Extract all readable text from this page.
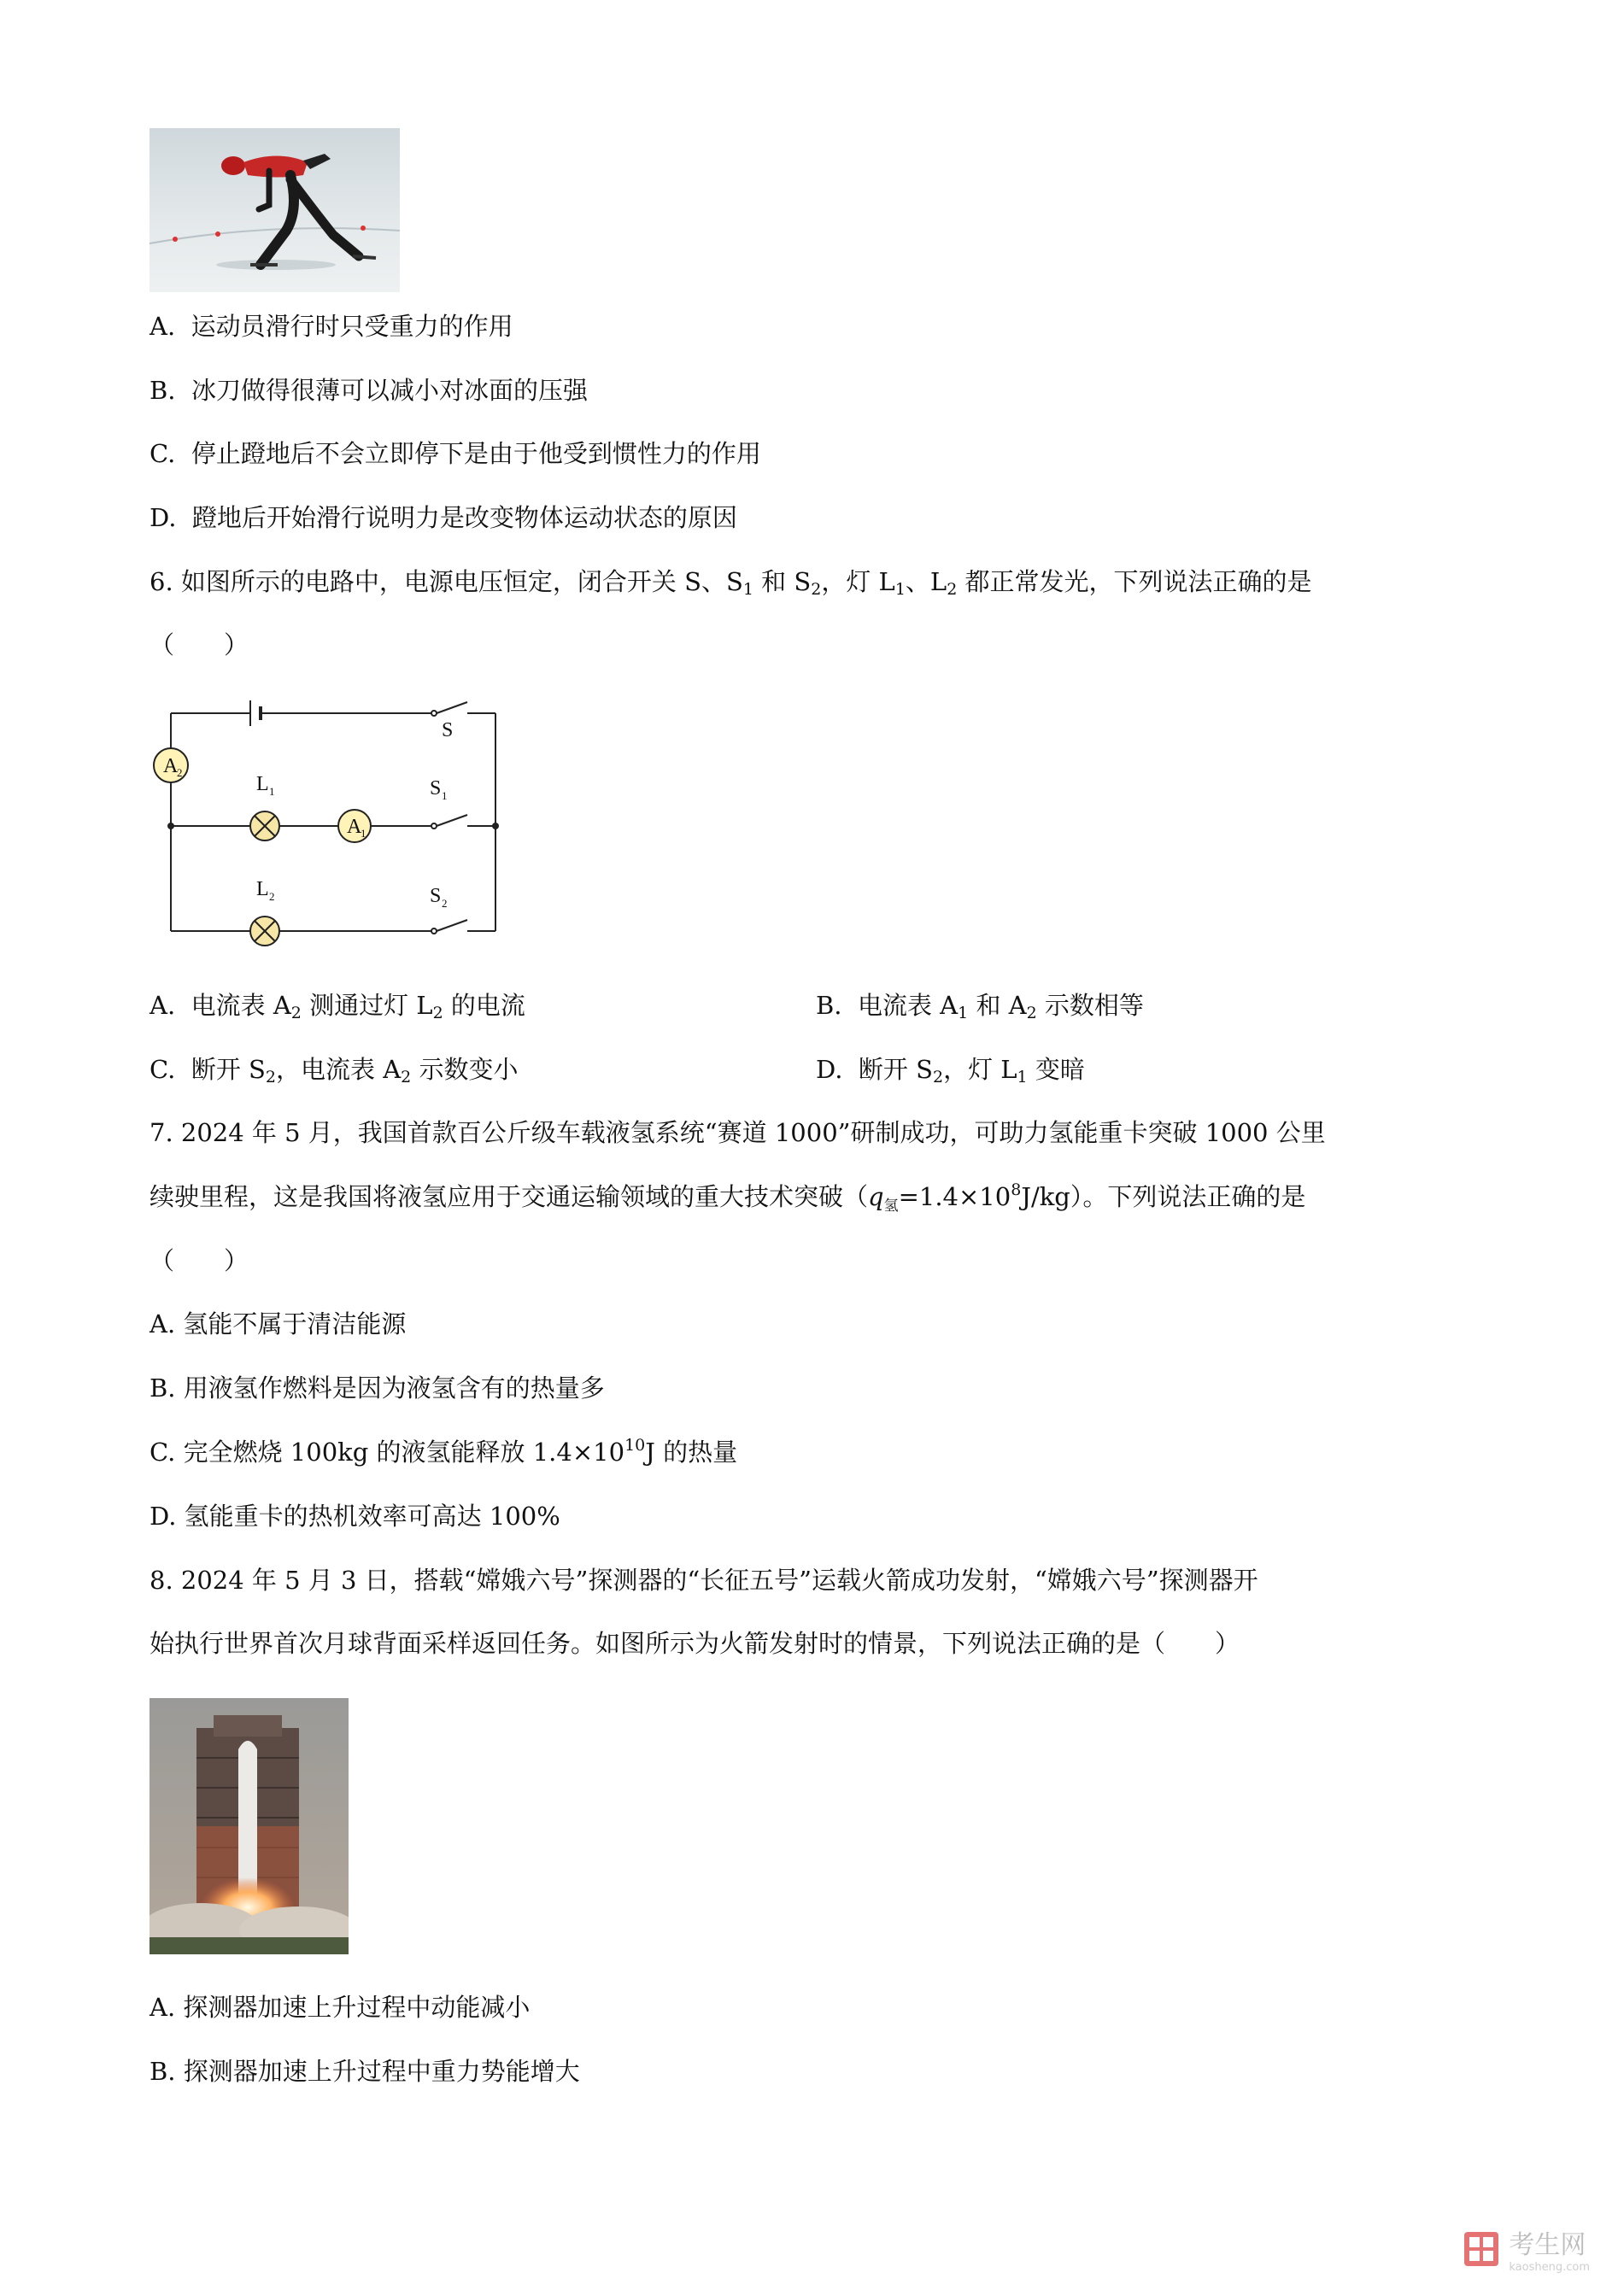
A. 运动员滑行时只受重力的作用
B. 冰刀做得很薄可以减小对冰面的压强
C. 停止蹬地后不会立即停下是由于他受到惯性力的作用
D. 蹬地后开始滑行说明力是改变物体运动状态的原因
6. 如图所示的电路中，电源电压恒定，闭合开关 S、$S_1$ 和 $S_2$，灯 $L_1$、$L_2$ 都正常发光，下列说法正确的是
（　　）
A
2
L 1
A
1
L 2
S
S 1
S 2
A. 电流表 $A_2$ 测通过灯 $L_2$ 的电流	B. 电流表 $A_1$ 和 $A_2$ 示数相等
C. 断开 $S_2$，电流表 $A_2$ 示数变小	D. 断开 $S_2$，灯 $L_1$ 变暗
7. 2024 年 5 月，我国首款百公斤级车载液氢系统“赛道 1000”研制成功，可助力氢能重卡突破 1000 公里
续驶里程，这是我国将液氢应用于交通运输领域的重大技术突破$(q_氢=1.4\times 10^8J/kg)$。下列说法正确的是
（　　）
A. 氢能不属于清洁能源
B. 用液氢作燃料是因为液氢含有的热量多
C. 完全燃烧 100kg 的液氢能释放 $1.4\times 10^{10}J$ 的热量
D. 氢能重卡的热机效率可高达 100%
8. 2024 年 5 月 3 日，搭载“嫦娥六号”探测器的“长征五号”运载火箭成功发射，“嫦娥六号”探测器开
始执行世界首次月球背面采样返回任务。如图所示为火箭发射时的情景，下列说法正确的是（　　）
A. 探测器加速上升过程中动能减小
B. 探测器加速上升过程中重力势能增大
考生网
kaosheng.com
